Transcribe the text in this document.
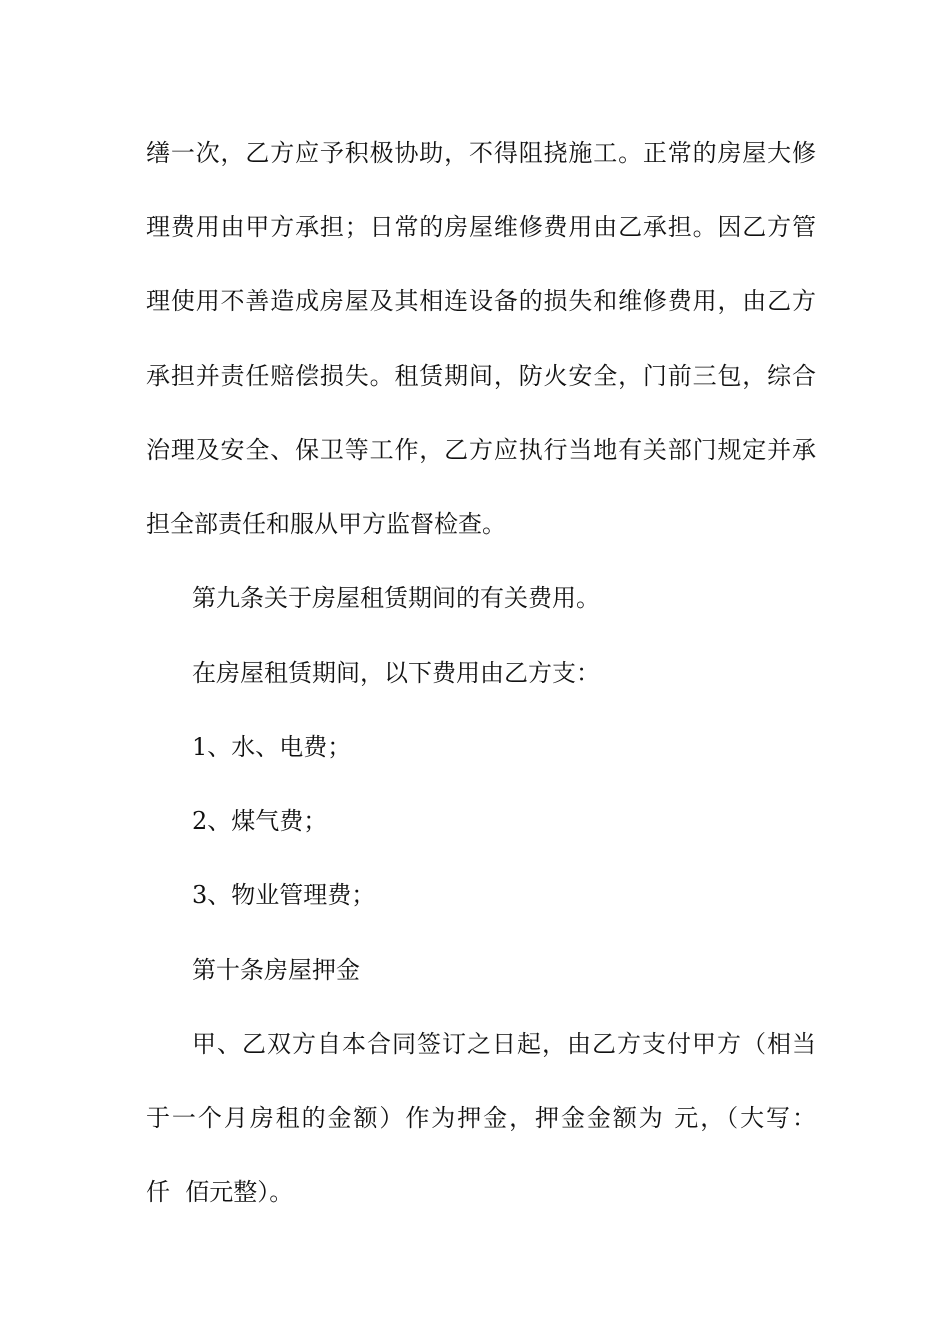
缮一次，乙方应予积极协助，不得阻挠施工。正常的房屋大修
理费用由甲方承担；日常的房屋维修费用由乙承担。因乙方管
理使用不善造成房屋及其相连设备的损失和维修费用，由乙方
承担并责任赔偿损失。租赁期间，防火安全，门前三包，综合
治理及安全、保卫等工作，乙方应执行当地有关部门规定并承
担全部责任和服从甲方监督检查。
第九条关于房屋租赁期间的有关费用。
在房屋租赁期间，以下费用由乙方支：
1、水、电费；
2、煤气费；
3、物业管理费；
第十条房屋押金
甲、乙双方自本合同签订之日起，由乙方支付甲方（相当
于一个月房租的金额）作为押金，押金金额为 元，（大写：
仟  佰元整）。
